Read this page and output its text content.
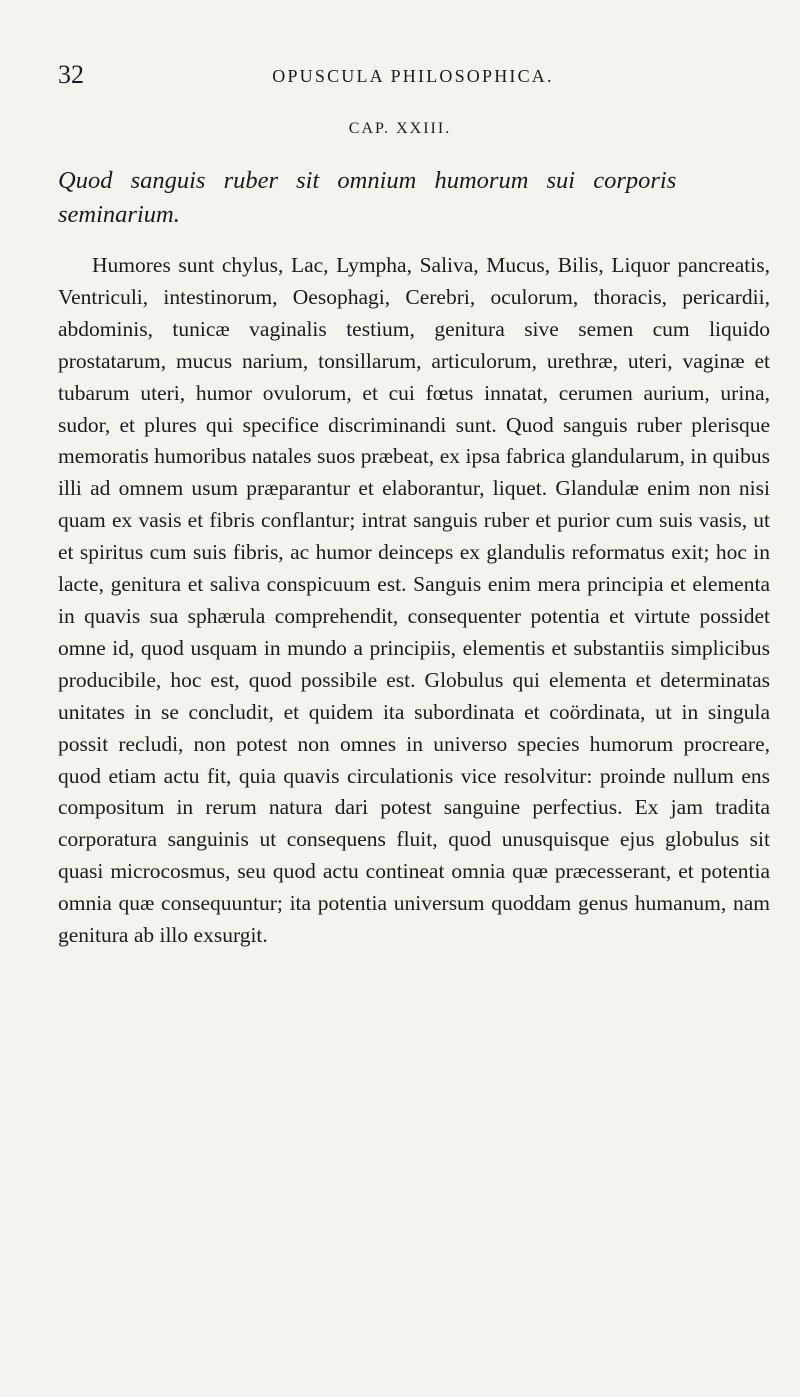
32	OPUSCULA PHILOSOPHICA.
CAP. XXIII.
Quod sanguis ruber sit omnium humorum sui corporis seminarium.

Humores sunt chylus, Lac, Lympha, Saliva, Mucus, Bilis, Liquor pancreatis, Ventriculi, intestinorum, Oesophagi, Cerebri, oculorum, thoracis, pericardii, abdominis, tunicæ vaginalis testium, genitura sive semen cum liquido prostatarum, mucus narium, tonsillarum, articulorum, urethræ, uteri, vaginæ et tubarum uteri, humor ovulorum, et cui fœtus innatat, cerumen aurium, urina, sudor, et plures qui specifice discriminandi sunt. Quod sanguis ruber plerisque memoratis humoribus natales suos præbeat, ex ipsa fabrica glandularum, in quibus illi ad omnem usum præparantur et elaborantur, liquet. Glandulæ enim non nisi quam ex vasis et fibris conflantur; intrat sanguis ruber et purior cum suis vasis, ut et spiritus cum suis fibris, ac humor deinceps ex glandulis reformatus exit; hoc in lacte, genitura et saliva conspicuum est. Sanguis enim mera principia et elementa in quavis sua sphærula comprehendit, consequenter potentia et virtute possidet omne id, quod usquam in mundo a principiis, elementis et substantiis simplicibus producibile, hoc est, quod possibile est. Globulus qui elementa et determinatas unitates in se concludit, et quidem ita subordinata et coördinata, ut in singula possit recludi, non potest non omnes in universo species humorum procreare, quod etiam actu fit, quia quavis circulationis vice resolvitur: proinde nullum ens compositum in rerum natura dari potest sanguine perfectius. Ex jam tradita corporatura sanguinis ut consequens fluit, quod unusquisque ejus globulus sit quasi microcosmus, seu quod actu contineat omnia quæ præcesserant, et potentia omnia quæ consequuntur; ita potentia universum quoddam genus humanum, nam genitura ab illo exsurgit.
